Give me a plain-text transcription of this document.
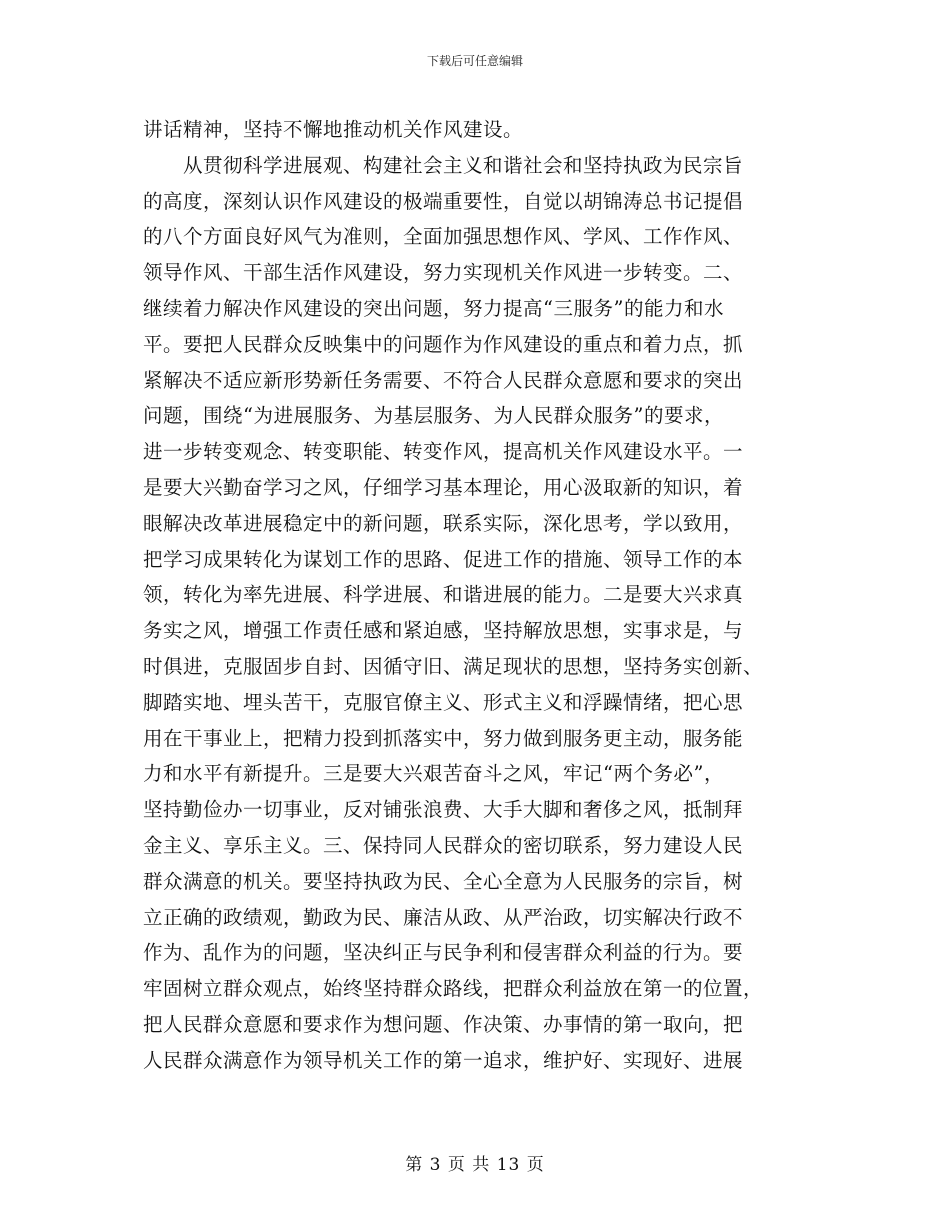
下载后可任意编辑
讲话精神，坚持不懈地推动机关作风建设。
从贯彻科学进展观、构建社会主义和谐社会和坚持执政为民宗旨
的高度，深刻认识作风建设的极端重要性，自觉以胡锦涛总书记提倡
的八个方面良好风气为准则，全面加强思想作风、学风、工作作风、
领导作风、干部生活作风建设，努力实现机关作风进一步转变。二、
继续着力解决作风建设的突出问题，努力提高“三服务”的能力和水
平。要把人民群众反映集中的问题作为作风建设的重点和着力点，抓
紧解决不适应新形势新任务需要、不符合人民群众意愿和要求的突出
问题，围绕“为进展服务、为基层服务、为人民群众服务”的要求，
进一步转变观念、转变职能、转变作风，提高机关作风建设水平。一
是要大兴勤奋学习之风，仔细学习基本理论，用心汲取新的知识，着
眼解决改革进展稳定中的新问题，联系实际，深化思考，学以致用，
把学习成果转化为谋划工作的思路、促进工作的措施、领导工作的本
领，转化为率先进展、科学进展、和谐进展的能力。二是要大兴求真
务实之风，增强工作责任感和紧迫感，坚持解放思想，实事求是，与
时俱进，克服固步自封、因循守旧、满足现状的思想，坚持务实创新、
脚踏实地、埋头苦干，克服官僚主义、形式主义和浮躁情绪，把心思
用在干事业上，把精力投到抓落实中，努力做到服务更主动，服务能
力和水平有新提升。三是要大兴艰苦奋斗之风，牢记“两个务必”，
坚持勤俭办一切事业，反对铺张浪费、大手大脚和奢侈之风，抵制拜
金主义、享乐主义。三、保持同人民群众的密切联系，努力建设人民
群众满意的机关。要坚持执政为民、全心全意为人民服务的宗旨，树
立正确的政绩观，勤政为民、廉洁从政、从严治政，切实解决行政不
作为、乱作为的问题，坚决纠正与民争利和侵害群众利益的行为。要
牢固树立群众观点，始终坚持群众路线，把群众利益放在第一的位置，
把人民群众意愿和要求作为想问题、作决策、办事情的第一取向，把
人民群众满意作为领导机关工作的第一追求，维护好、实现好、进展
第 3 页 共 13 页
